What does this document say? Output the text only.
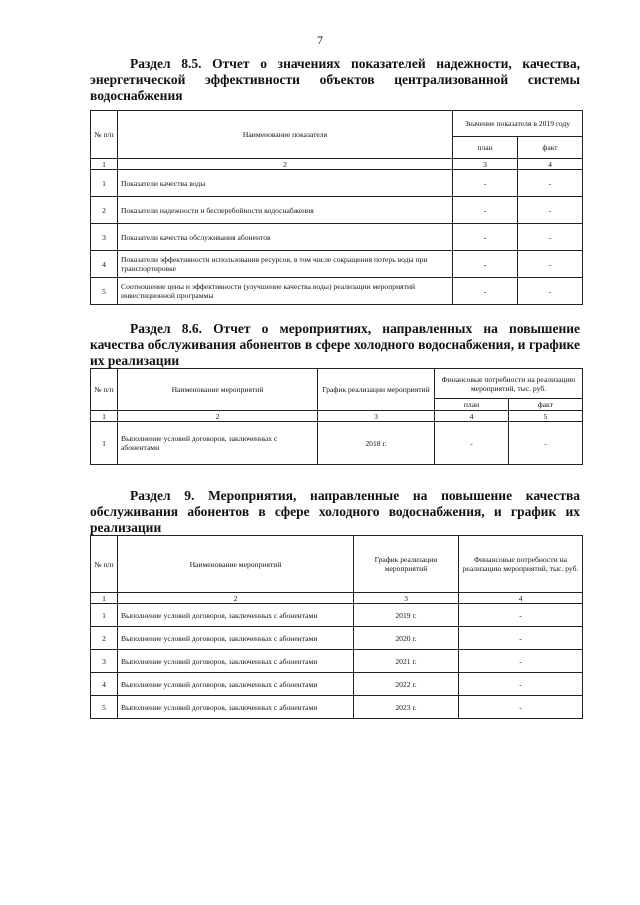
7
Раздел 8.5. Отчет о значениях показателей надежности, качества, энергетической эффективности объектов централизованной системы водоснабжения
№ п/п	Наименование показателя	Значение показателя в 2019 году	
		план	факт
1	2	3	4
1	Показатели качества воды	-	-
2	Показатели надежности и бесперебойности водоснабжения	-	-
3	Показатели качества обслуживания абонентов	-	-
4	Показатели эффективности использования ресурсов, в том числе сокращения потерь воды при транспортировке	-	-
5	Соотношение цены и эффективности (улучшение качества воды) реализации мероприятий инвестиционной программы	-	-
Раздел 8.6. Отчет о мероприятиях, направленных на повышение качества обслуживания абонентов в сфере холодного водоснабжения, и графике их реализации
№ п/п	Наименование мероприятий	График реализации мероприятий	Финансовые потребности на реализацию мероприятий, тыс. руб.	
			план	факт
1	2	3	4	5
1	Выполнение условий договоров, заключенных с абонентами	2018 г.	-	-
Раздел 9. Мероприятия, направленные на повышение качества обслуживания абонентов в сфере холодного водоснабжения, и график их реализации
№ п/п	Наименование мероприятий	График реализации мероприятий	Финансовые потребности на реализацию мероприятий, тыс. руб.
1	2	3	4
1	Выполнение условий договоров, заключенных с абонентами	2019 г.	-
2	Выполнение условий договоров, заключенных с абонентами	2020 г.	-
3	Выполнение условий договоров, заключенных с абонентами	2021 г.	-
4	Выполнение условий договоров, заключенных с абонентами	2022 г.	-
5	Выполнение условий договоров, заключенных с абонентами	2023 г.	-
